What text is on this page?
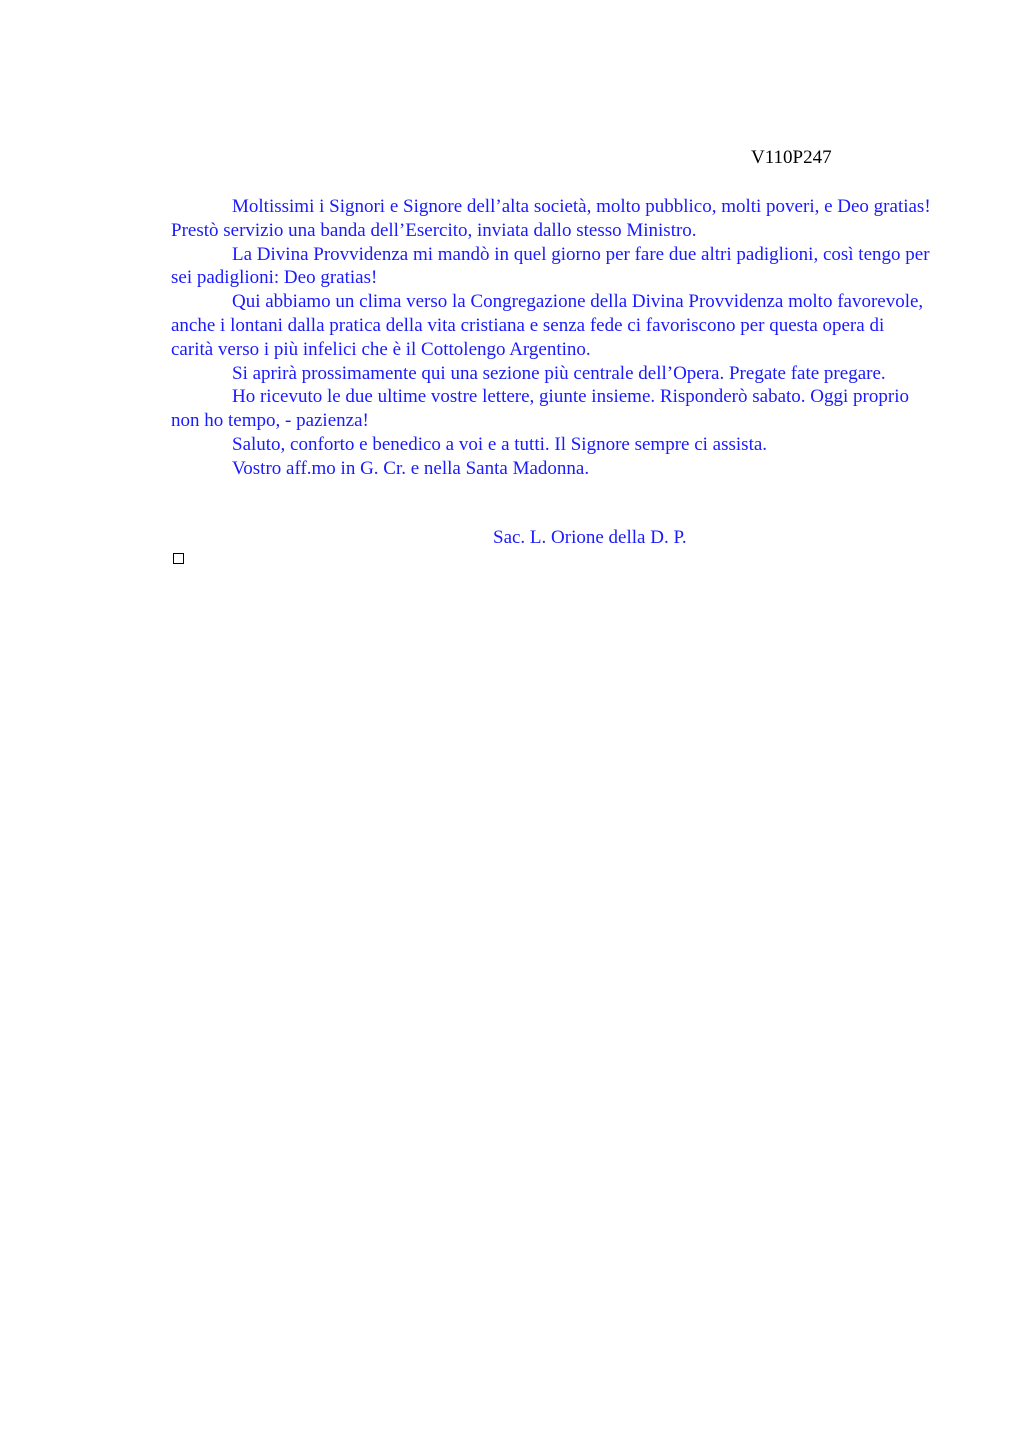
V110P247

Moltissimi i Signori e Signore dell’alta società, molto pubblico, molti poveri, e Deo gratias! Prestò servizio una banda dell’Esercito, inviata dallo stesso Ministro.

La Divina Provvidenza mi mandò in quel giorno per fare due altri padiglioni, così tengo per sei padiglioni: Deo gratias!

Qui abbiamo un clima verso la Congregazione della Divina Provvidenza molto favorevole, anche i lontani dalla pratica della vita cristiana e senza fede ci favoriscono per questa opera di carità verso i più infelici che è il Cottolengo Argentino.

Si aprirà prossimamente qui una sezione più centrale dell’Opera. Pregate fate pregare.

Ho ricevuto le due ultime vostre lettere, giunte insieme. Risponderò sabato. Oggi proprio non ho tempo, - pazienza!

Saluto, conforto e benedico a voi e a tutti. Il Signore sempre ci assista.

Vostro aff.mo in G. Cr. e nella Santa Madonna.

Sac. L. Orione della D. P.
